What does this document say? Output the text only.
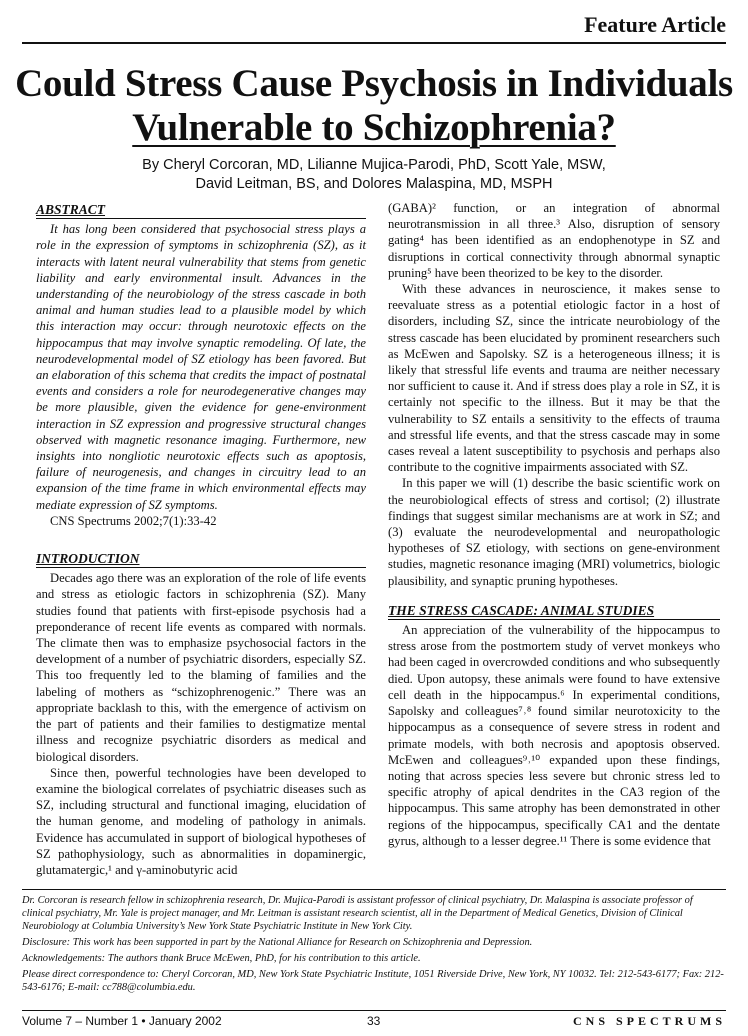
Feature Article
Could Stress Cause Psychosis in Individuals
Vulnerable to Schizophrenia?
By Cheryl Corcoran, MD, Lilianne Mujica-Parodi, PhD, Scott Yale, MSW,
David Leitman, BS, and Dolores Malaspina, MD, MSPH
ABSTRACT

It has long been considered that psychosocial stress plays a role in the expression of symptoms in schizophrenia (SZ), as it interacts with latent neural vulnerability that stems from genetic liability and early environmental insult. Advances in the understanding of the neurobiology of the stress cascade in both animal and human studies lead to a plausible model by which this interaction may occur: through neurotoxic effects on the hippocampus that may involve synaptic remodeling. Of late, the neurodevelopmental model of SZ etiology has been favored. But an elaboration of this schema that credits the impact of postnatal events and considers a role for neurodegenerative changes may be more plausible, given the evidence for gene-environment interaction in SZ expression and progressive structural changes observed with magnetic resonance imaging. Furthermore, new insights into nongliotic neurotoxic effects such as apoptosis, failure of neurogenesis, and changes in circuitry lead to an expansion of the time frame in which environmental effects may mediate expression of SZ symptoms.

CNS Spectrums 2002;7(1):33-42

INTRODUCTION

Decades ago there was an exploration of the role of life events and stress as etiologic factors in schizophrenia (SZ). Many studies found that patients with first-episode psychosis had a preponderance of recent life events as compared with normals. The climate then was to emphasize psychosocial factors in the development of a number of psychiatric disorders, especially SZ. This too frequently led to the blaming of families and the labeling of mothers as “schizophrenogenic.” There was an appropriate backlash to this, with the emergence of activism on the part of patients and their families to destigmatize mental illness and recognize psychiatric disorders as medical and biological disorders.

Since then, powerful technologies have been developed to examine the biological correlates of psychiatric diseases such as SZ, including structural and functional imaging, elucidation of the human genome, and modeling of pathology in animals. Evidence has accumulated in support of biological hypotheses of SZ pathophysiology, such as abnormalities in dopaminergic, glutamatergic,¹ and γ-aminobutyric acid

(GABA)² function, or an integration of abnormal neurotransmission in all three.³ Also, disruption of sensory gating⁴ has been identified as an endophenotype in SZ and disruptions in cortical connectivity through abnormal synaptic pruning⁵ have been theorized to be key to the disorder.

With these advances in neuroscience, it makes sense to reevaluate stress as a potential etiologic factor in a host of disorders, including SZ, since the intricate neurobiology of the stress cascade has been elucidated by prominent researchers such as McEwen and Sapolsky. SZ is a heterogeneous illness; it is likely that stressful life events and trauma are neither necessary nor sufficient to cause it. And if stress does play a role in SZ, it is certainly not specific to the illness. But it may be that the vulnerability to SZ entails a sensitivity to the effects of trauma and stressful life events, and that the stress cascade may in some cases reveal a latent susceptibility to psychosis and perhaps also contribute to the cognitive impairments associated with SZ.

In this paper we will (1) describe the basic scientific work on the neurobiological effects of stress and cortisol; (2) illustrate findings that suggest similar mechanisms are at work in SZ; and (3) evaluate the neurodevelopmental and neuropathologic hypotheses of SZ etiology, with sections on gene-environment studies, magnetic resonance imaging (MRI) volumetrics, biologic plausibility, and synaptic pruning hypotheses.

THE STRESS CASCADE: ANIMAL STUDIES

An appreciation of the vulnerability of the hippocampus to stress arose from the postmortem study of vervet monkeys who had been caged in overcrowded conditions and who subsequently died. Upon autopsy, these animals were found to have extensive cell death in the hippocampus.⁶ In experimental conditions, Sapolsky and colleagues⁷˒⁸ found similar neurotoxicity to the hippocampus as a consequence of severe stress in rodent and primate models, with both necrosis and apoptosis observed. McEwen and colleagues⁹˒¹⁰ expanded upon these findings, noting that across species less severe but chronic stress led to specific atrophy of apical dendrites in the CA3 region of the hippocampus. This same atrophy has been demonstrated in other regions of the hippocampus, specifically CA1 and the dentate gyrus, although to a lesser degree.¹¹ There is some evidence that

Dr. Corcoran is research fellow in schizophrenia research, Dr. Mujica-Parodi is assistant professor of clinical psychiatry, Dr. Malaspina is associate professor of clinical psychiatry, Mr. Yale is project manager, and Mr. Leitman is assistant research scientist, all in the Department of Medical Genetics, Division of Clinical Neurobiology at Columbia University’s New York State Psychiatric Institute in New York City.

Disclosure: This work has been supported in part by the National Alliance for Research on Schizophrenia and Depression.

Acknowledgements: The authors thank Bruce McEwen, PhD, for his contribution to this article.

Please direct correspondence to: Cheryl Corcoran, MD, New York State Psychiatric Institute, 1051 Riverside Drive, New York, NY 10032. Tel: 212-543-6177; Fax: 212-543-6176; E-mail: cc788@columbia.edu.

Volume 7 – Number 1 • January 2002	33	CNS SPECTRUMS
